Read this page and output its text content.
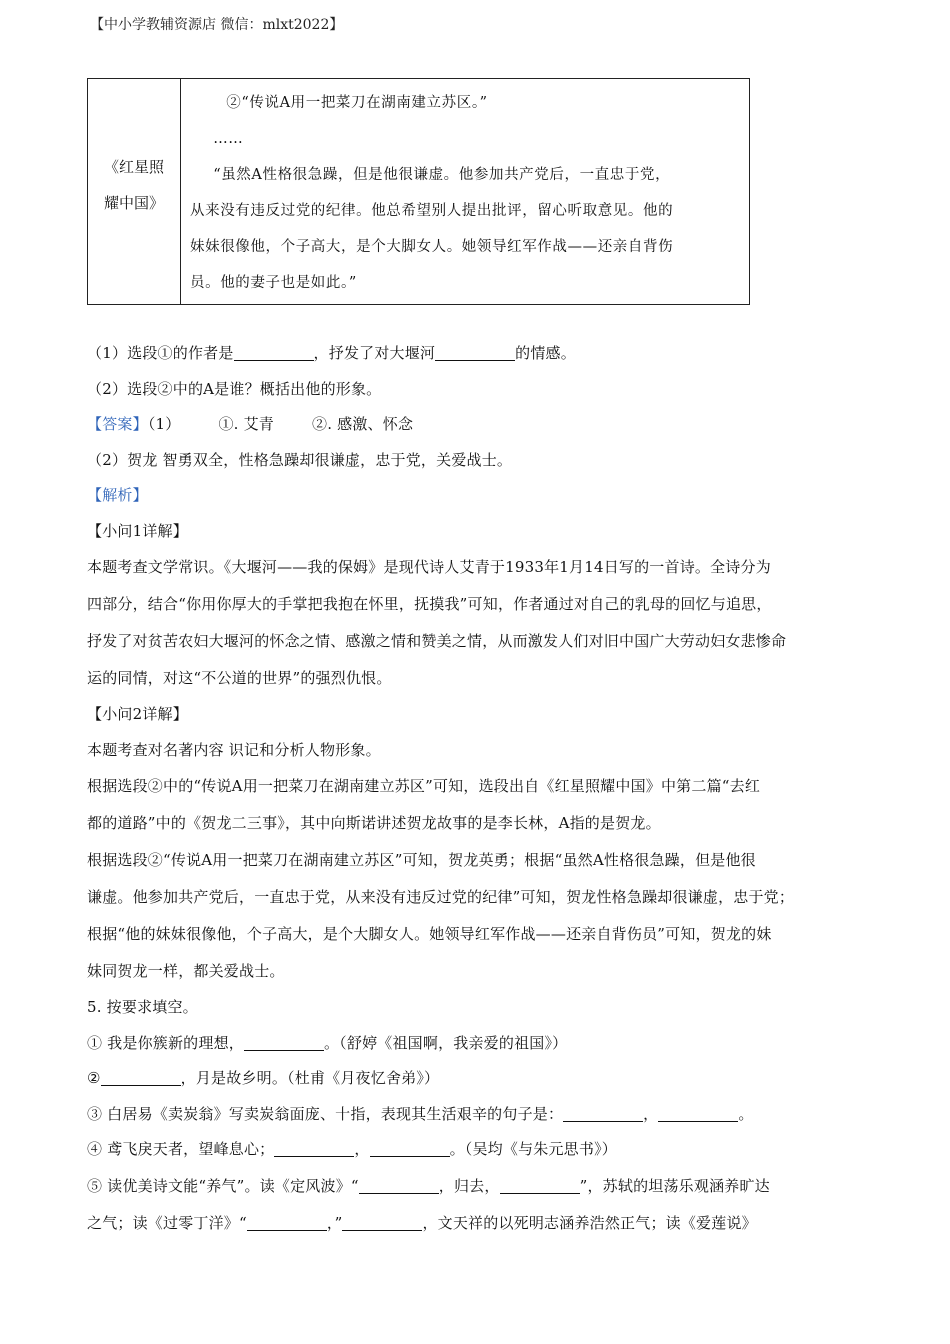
【中小学教辅资源店 微信：mlxt2022】
《红星照
耀中国》

②“传说A用一把菜刀在湖南建立苏区。”

……

“虽然A性格很急躁，但是他很谦虚。他参加共产党后，一直忠于党，

从来没有违反过党的纪律。他总希望别人提出批评，留心听取意见。他的

妹妹很像他，个子高大，是个大脚女人。她领导红军作战——还亲自背伤

员。他的妻子也是如此。”

（1）选段①的作者是	，抒发了对大堰河	的情感。
（2）选段②中的A是谁？概括出他的形象。
【答案】（1）	①. 艾青	②. 感激、怀念
（2）贺龙 智勇双全，性格急躁却很谦虚，忠于党，关爱战士。
【解析】
【小问1详解】
本题考查文学常识。《大堰河——我的保姆》是现代诗人艾青于1933年1月14日写的一首诗。全诗分为
四部分，结合“你用你厚大的手掌把我抱在怀里，抚摸我”可知，作者通过对自己的乳母的回忆与追思，
抒发了对贫苦农妇大堰河的怀念之情、感激之情和赞美之情，从而激发人们对旧中国广大劳动妇女悲惨命
运的同情，对这“不公道的世界”的强烈仇恨。
【小问2详解】
本题考查对名著内容 识记和分析人物形象。
根据选段②中的“传说A用一把菜刀在湖南建立苏区”可知，选段出自《红星照耀中国》中第二篇“去红
都的道路”中的《贺龙二三事》，其中向斯诺讲述贺龙故事的是李长林，A指的是贺龙。
根据选段②“传说A用一把菜刀在湖南建立苏区”可知，贺龙英勇；根据“虽然A性格很急躁，但是他很
谦虚。他参加共产党后，一直忠于党，从来没有违反过党的纪律”可知，贺龙性格急躁却很谦虚，忠于党；
根据“他的妹妹很像他，个子高大，是个大脚女人。她领导红军作战——还亲自背伤员”可知，贺龙的妹
妹同贺龙一样，都关爱战士。
5. 按要求填空。
① 我是你簇新的理想，	。（舒婷《祖国啊，我亲爱的祖国》）
②	，月是故乡明。（杜甫《月夜忆舍弟》）
③ 白居易《卖炭翁》写卖炭翁面庞、十指，表现其生活艰辛的句子是：	，	。
④ 鸢飞戾天者，望峰息心；	，	。（吴均《与朱元思书》）
⑤ 读优美诗文能“养气”。读《定风波》“	，归去，	”，苏轼的坦荡乐观涵养旷达
之气；读《过零丁洋》“	，”	，文天祥的以死明志涵养浩然正气；读《爱莲说》
